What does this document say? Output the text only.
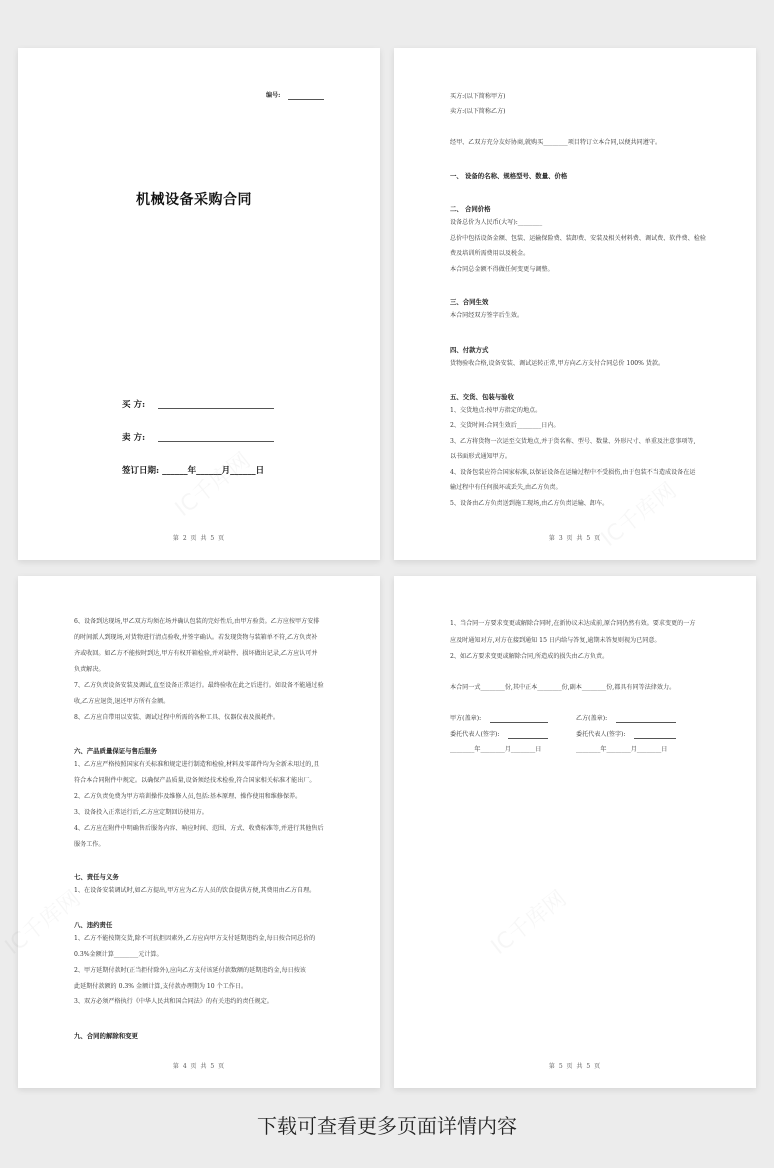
编号:
机械设备采购合同
买 方:
卖 方:
签订日期: ______年______月______日
第 2 页 共 5 页
买方:(以下简称甲方)
卖方:(以下简称乙方)
经甲、乙双方充分友好协商,就购买________项目特订立本合同,以便共同遵守。
一、 设备的名称、规格型号、数量、价格
二、 合同价格
设备总价为人民币(大写):________
总价中包括设备金额、包装、运输保险费、装卸费、安装及相关材料费、调试费、软件费、检验
费及培训所需费用以及税金。
本合同总金额不得做任何变更与调整。
三、合同生效
本合同经双方签字后生效。
四、付款方式
货物验收合格,设备安装、调试运转正常,甲方向乙方支付合同总价 100% 货款。
五、交货、包装与验收
1、交货地点:按甲方指定的地点。
2、交货时间:合同生效后________日内。
3、乙方将货物一次运至交货地点,并于货名称、型号、数量、外形尺寸、单重及注意事项等,
以书面形式通知甲方。
4、设备包装应符合国家标准,以保证设备在运输过程中不受损伤,由于包装不当造成设备在运
输过程中有任何损坏或丢失,由乙方负责。
5、设备由乙方负责送到施工现场,由乙方负责运输、卸车。
第 3 页 共 5 页
6、设备到达现场,甲乙双方均须在场并确认包装的完好性后,由甲方验货。乙方应按甲方安排
的时间派人到现场,对货物进行清点验收,并签字确认。若发现货物与装箱单不符,乙方负责补
齐或收回。如乙方不能按时到达,甲方有权开箱检验,并对缺件、损坏做出记录,乙方应认可并
负责解决。
7、乙方负责设备安装及调试,直至设备正常运行。最终验收在此之后进行。如设备不能通过验
收,乙方应退货,退还甲方所有金额。
8、乙方应自带用以安装、调试过程中所需的各种工具、仪器仪表及损耗件。
六、产品质量保证与售后服务
1、乙方应严格按照国家有关标准和规定进行制造和检验,材料及零部件均为全新未用过的,且
符合本合同附件中规定。以确保产品质量,设备须经技术检验,符合国家相关标准才能出厂。
2、乙方负责免费为甲方培训操作及维修人员,包括:基本原理、操作使用和维修保养。
3、设备投入正常运行后,乙方应定期回访使用方。
4、乙方应在附件中明确售后服务内容、响应时间、范围、方式、收费标准等,并进行其他售后
服务工作。
七、责任与义务
1、在设备安装调试时,如乙方提出,甲方应为乙方人员的饮食提供方便,其费用由乙方自理。
八、违约责任
1、乙方不能按期交货,除不可抗拒因素外,乙方应向甲方支付延期违约金,每日按合同总价的
0.3%金额计算________元计算。
2、甲方延期付款时(正当拒付除外),应向乙方支付该延付款数额的延期违约金,每日按该
此延期付款额的 0.3% 金额计算,支付款办理期为 10 个工作日。
3、双方必须严格执行《中华人民共和国合同法》的有关违约的责任规定。
九、合同的解除和变更
第 4 页 共 5 页
1、当合同一方要求变更或解除合同时,在新协议未达成前,原合同仍然有效。要求变更的一方
应及时通知对方,对方在接到通知 15 日内给与答复,逾期未答复则视为已同意。
2、如乙方要求变更或解除合同,所造成的损失由乙方负责。
本合同一式________份,其中正本________份,副本________份,都具有同等法律效力。
甲方(盖章):	乙方(盖章):
委托代表人(签字):	委托代表人(签字):
________年________月________日	________年________月________日
第 5 页 共 5 页
下载可查看更多页面详情内容
